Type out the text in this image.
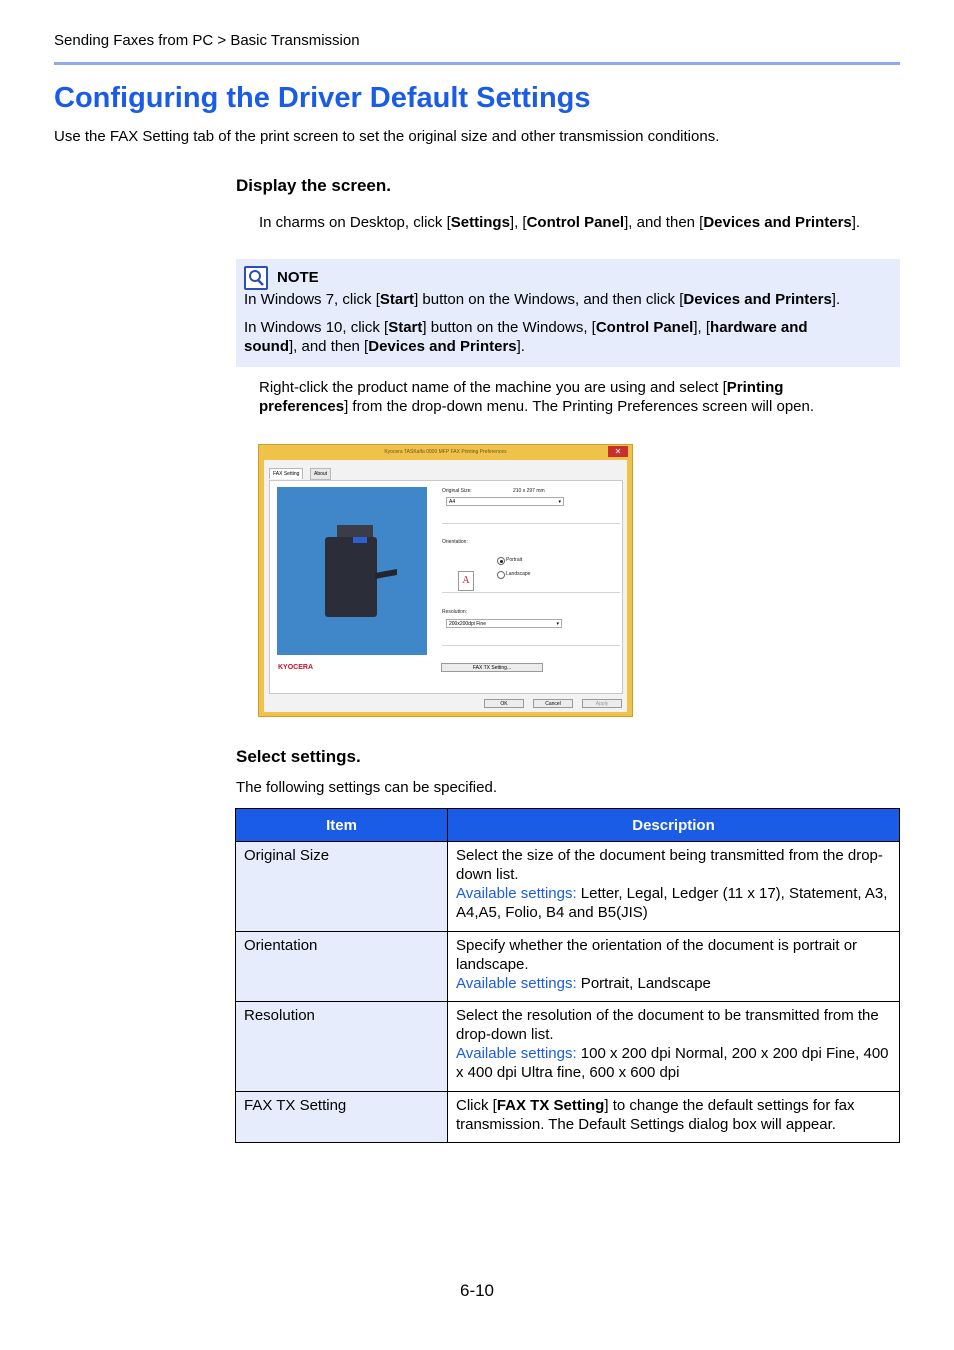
Sending Faxes from PC > Basic Transmission
Configuring the Driver Default Settings
Use the FAX Setting tab of the print screen to set the original size and other transmission conditions.
Display the screen.
In charms on Desktop, click [Settings], [Control Panel], and then [Devices and Printers].
NOTE
In Windows 7, click [Start] button on the Windows, and then click [Devices and Printers].
In Windows 10, click [Start] button on the Windows, [Control Panel], [hardware and
sound], and then [Devices and Printers].
Right-click the product name of the machine you are using and select [Printing
preferences] from the drop-down menu. The Printing Preferences screen will open.
Kyocera TASKalfa 0000 MFP FAX Printing Preferences	✕
FAX Setting	About
KYOCERA
Original Size:	210 x 297 mm
A4	▾
Orientation:
A
Portrait
Landscape
Resolution:
200x200dpi Fine	▾
FAX TX Setting...
OK	Cancel	Apply
Select settings.
The following settings can be specified.
Item	Description
Original Size	Select the size of the document being transmitted from the drop-down list.
Available settings: Letter, Legal, Ledger (11 x 17), Statement, A3, A4,A5, Folio, B4 and B5(JIS)
Orientation	Specify whether the orientation of the document is portrait or landscape.
Available settings: Portrait, Landscape
Resolution	Select the resolution of the document to be transmitted from the drop-down list.
Available settings: 100 x 200 dpi Normal, 200 x 200 dpi Fine, 400 x 400 dpi Ultra fine, 600 x 600 dpi
FAX TX Setting	Click [FAX TX Setting] to change the default settings for fax transmission. The Default Settings dialog box will appear.
6-10
